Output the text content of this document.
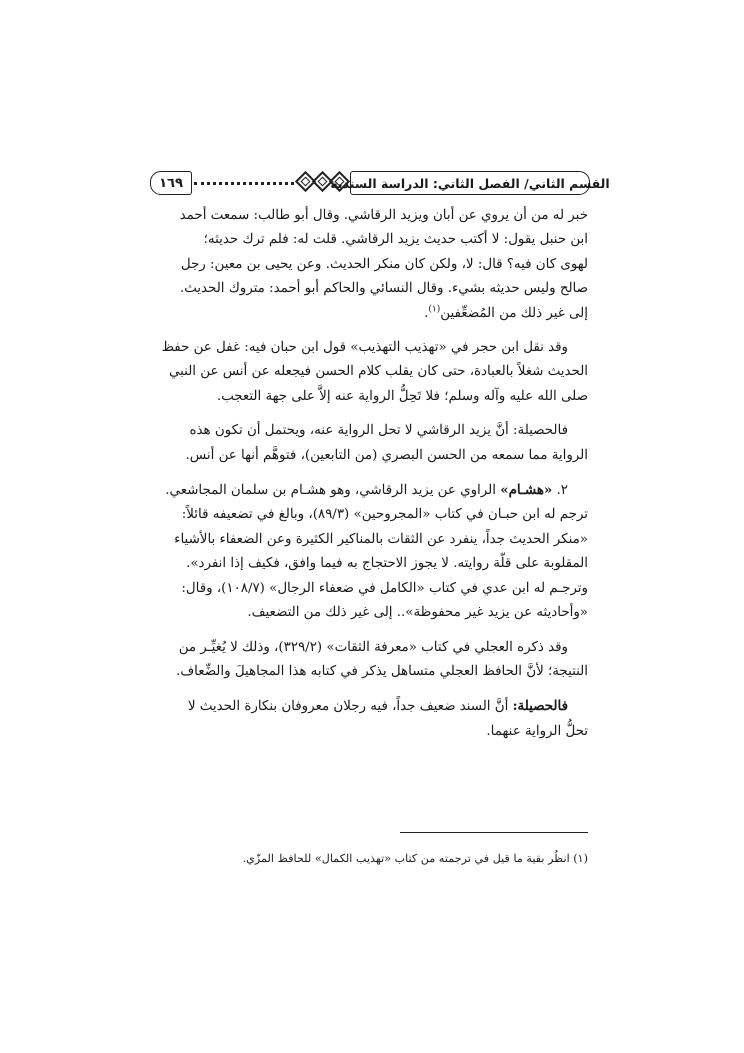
١٦٩	القسم الثاني/ الفصل الثاني: الدراسة السندية

خبر له من أن يروي عن أبان ويزيد الرقاشي. وقال أبو طالب: سمعت أحمد

ابن حنبل يقول: لا أكتب حديث يزيد الرقاشي. قلت له: فلم ترك حديثه؛

لهوى كان فيه؟ قال: لا، ولكن كان منكر الحديث. وعن يحيى بن معين: رجل

صالح وليس حديثه بشيء. وقال النسائي والحاكم أبو أحمد: متروك الحديث.

إلى غير ذلك من المُضعِّفين$^{(١)}$.

وقد نقل ابن حجر في «تهذيب التهذيب» قول ابن حبان فيه: غفل عن حفظ

الحديث شغلاً بالعبادة، حتى كان يقلب كلام الحسن فيجعله عن أنس عن النبي

صلى الله عليه وآله وسلم؛ فلا تَحِلُّ الرواية عنه إلاَّ على جهة التعجب.

فالحصيلة: أنَّ يزيد الرقاشي لا تحل الرواية عنه، ويحتمل أن تكون هذه

الرواية مما سمعه من الحسن البصري (من التابعين)، فتوهَّم أنها عن أنس.

٢. «هشـام» الراوي عن يزيد الرقاشي، وهو هشـام بن سلمان المجاشعي.

ترجم له ابن حبـان في كتاب «المجروحين» (٨٩/٣)، وبالغ في تضعيفه قائلاً:

«منكر الحديث جداً، ينفرد عن الثقات بالمناكير الكثيرة وعن الضعفاء بالأشياء

المقلوبة على قلّة روايته. لا يجوز الاحتجاج به فيما وافق، فكيف إذا انفرد».

وترجـم له ابن عدي في كتاب «الكامل في ضعفاء الرجال» (١٠٨/٧)، وقال:

«وأحاديثه عن يزيد غير محفوظة».. إلى غير ذلك من التضعيف.

وقد ذكره العجلي في كتاب «معرفة الثقات» (٣٢٩/٢)، وذلك لا يُغيِّـر من

النتيجة؛ لأنَّ الحافظ العجلي متساهل يذكر في كتابه هذا المجاهيلَ والضِّعاف.

فالحصيلة: أنَّ السند ضعيف جداً، فيه رجلان معروفان بنكارة الحديث لا

تحلُّ الرواية عنهما.

(١) انظُر بقية ما قيل في ترجمته من كتاب «تهذيب الكمال» للحافظ المزّي.
